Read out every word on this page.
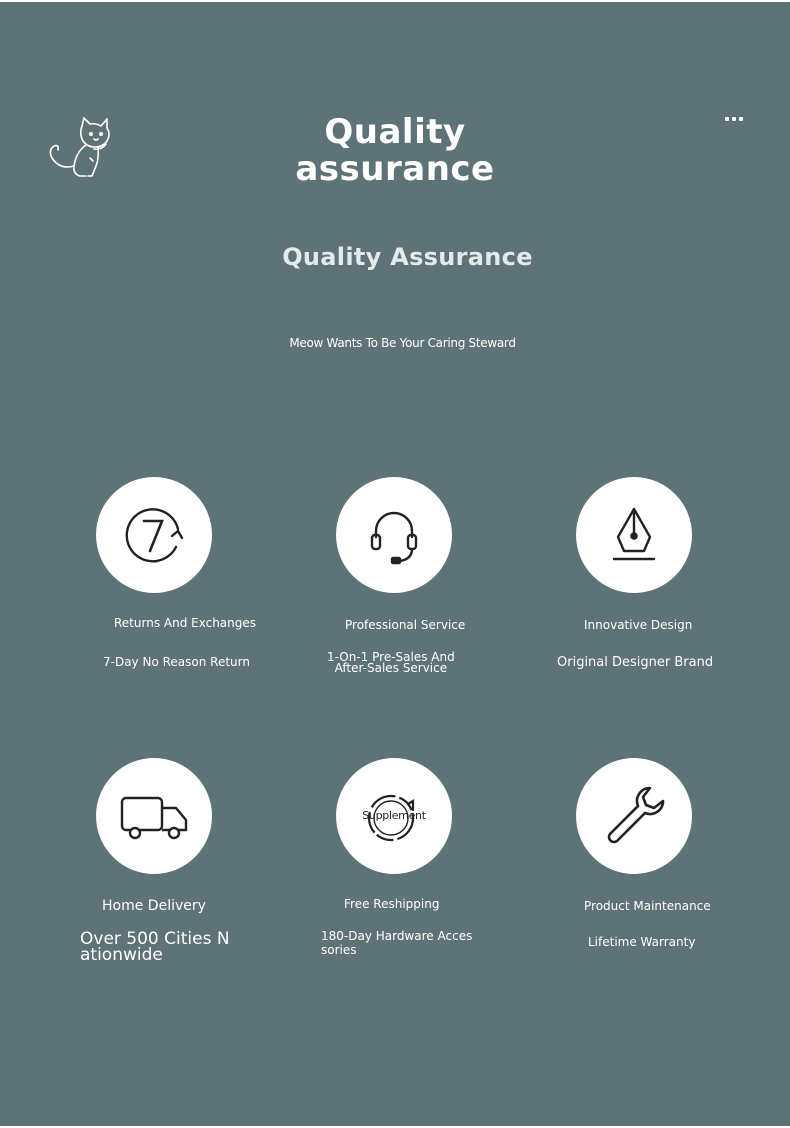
Quality
assurance
Quality Assurance
Meow Wants To Be Your Caring Steward
Returns And Exchanges
7-Day No Reason Return
Professional Service
1-On-1 Pre-Sales And
After-Sales Service
Innovative Design
Original Designer Brand
Home Delivery
Over 500 Cities N
ationwide
Supplement
Free Reshipping
180-Day Hardware Acces
sories
Product Maintenance
Lifetime Warranty
